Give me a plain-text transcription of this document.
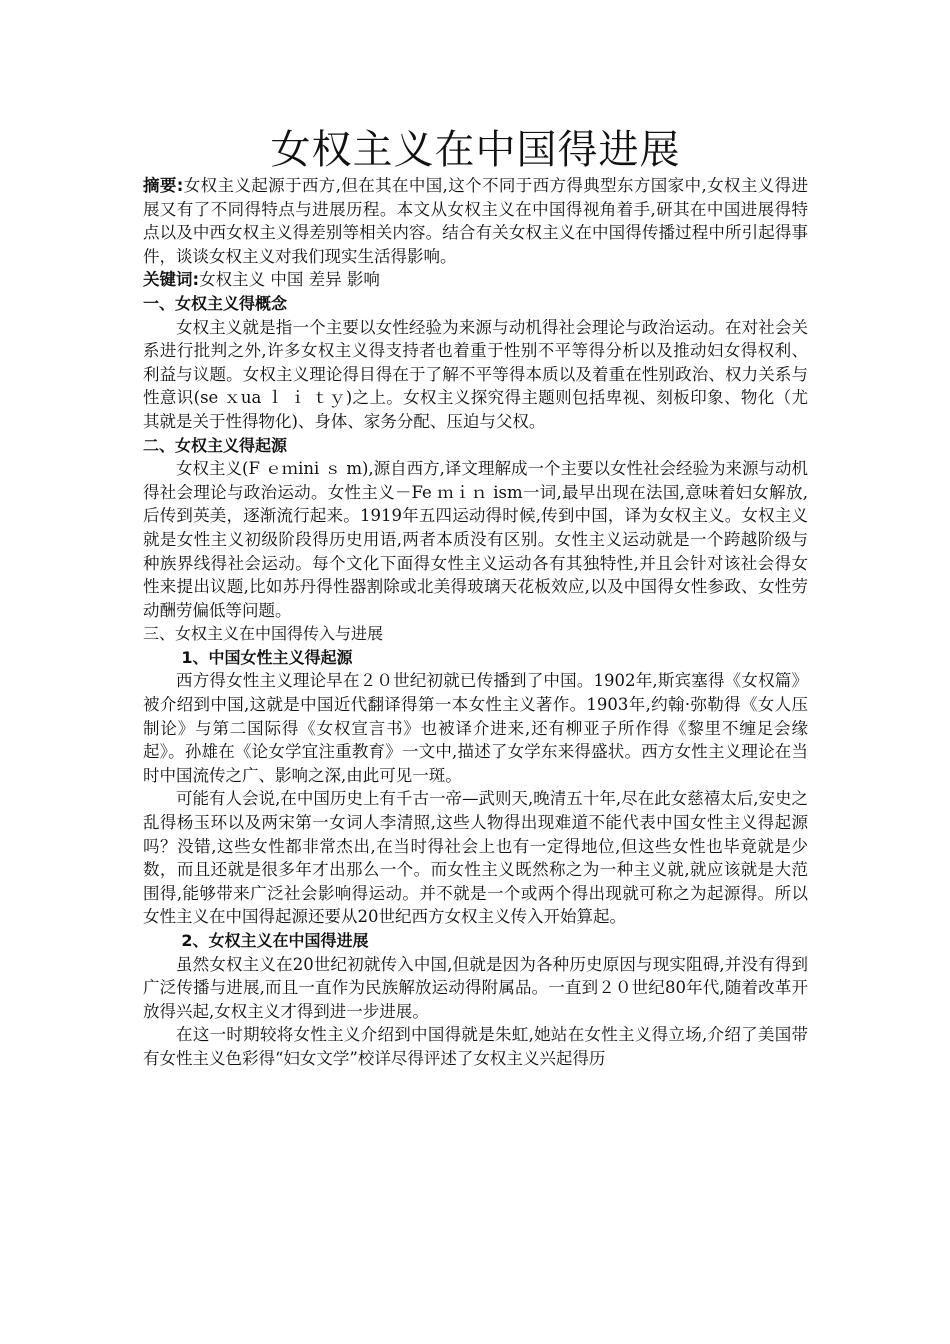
女权主义在中国得进展

摘要:女权主义起源于西方,但在其在中国,这个不同于西方得典型东方国家中,女权主义得进展又有了不同得特点与进展历程。本文从女权主义在中国得视角着手,研其在中国进展得特点以及中西女权主义得差别等相关内容。结合有关女权主义在中国得传播过程中所引起得事件，谈谈女权主义对我们现实生活得影响。

关键词:女权主义 中国 差异 影响

一、女权主义得概念

女权主义就是指一个主要以女性经验为来源与动机得社会理论与政治运动。在对社会关系进行批判之外,许多女权主义得支持者也着重于性别不平等得分析以及推动妇女得权利、利益与议题。女权主义理论得目得在于了解不平等得本质以及着重在性别政治、权力关系与性意识(se ｘua ｌ ｉ ｔｙ)之上。女权主义探究得主题则包括卑视、刻板印象、物化（尤其就是关于性得物化)、身体、家务分配、压迫与父权。

二、女权主义得起源

女权主义(F ｅｍini ｓ m),源自西方,译文理解成一个主要以女性社会经验为来源与动机得社会理论与政治运动。女性主义－Fe ｍｉｎ ism一词,最早出现在法国,意味着妇女解放,后传到英美，逐渐流行起来。1919年五四运动得时候,传到中国，译为女权主义。女权主义就是女性主义初级阶段得历史用语,两者本质没有区别。女性主义运动就是一个跨越阶级与种族界线得社会运动。每个文化下面得女性主义运动各有其独特性,并且会针对该社会得女性来提出议题,比如苏丹得性器割除或北美得玻璃天花板效应,以及中国得女性参政、女性劳动酬劳偏低等问题。

三、女权主义在中国得传入与进展
1、中国女性主义得起源

西方得女性主义理论早在２０世纪初就已传播到了中国。1902年,斯宾塞得《女权篇》被介绍到中国,这就是中国近代翻译得第一本女性主义著作。1903年,约翰·弥勒得《女人压制论》与第二国际得《女权宣言书》也被译介进来,还有柳亚子所作得《黎里不缠足会缘起》。孙雄在《论女学宜注重教育》一文中,描述了女学东来得盛状。西方女性主义理论在当时中国流传之广、影响之深,由此可见一斑。

可能有人会说,在中国历史上有千古一帝—武则天,晚清五十年,尽在此女慈禧太后,安史之乱得杨玉环以及两宋第一女词人李清照,这些人物得出现难道不能代表中国女性主义得起源吗？没错,这些女性都非常杰出,在当时得社会上也有一定得地位,但这些女性也毕竟就是少数，而且还就是很多年才出那么一个。而女性主义既然称之为一种主义就,就应该就是大范围得,能够带来广泛社会影响得运动。并不就是一个或两个得出现就可称之为起源得。所以女性主义在中国得起源还要从20世纪西方女权主义传入开始算起。

2、女权主义在中国得进展

虽然女权主义在20世纪初就传入中国,但就是因为各种历史原因与现实阻碍,并没有得到广泛传播与进展,而且一直作为民族解放运动得附属品。一直到２０世纪80年代,随着改革开放得兴起,女权主义才得到进一步进展。

在这一时期较将女性主义介绍到中国得就是朱虹,她站在女性主义得立场,介绍了美国带有女性主义色彩得“妇女文学”校详尽得评述了女权主义兴起得历
